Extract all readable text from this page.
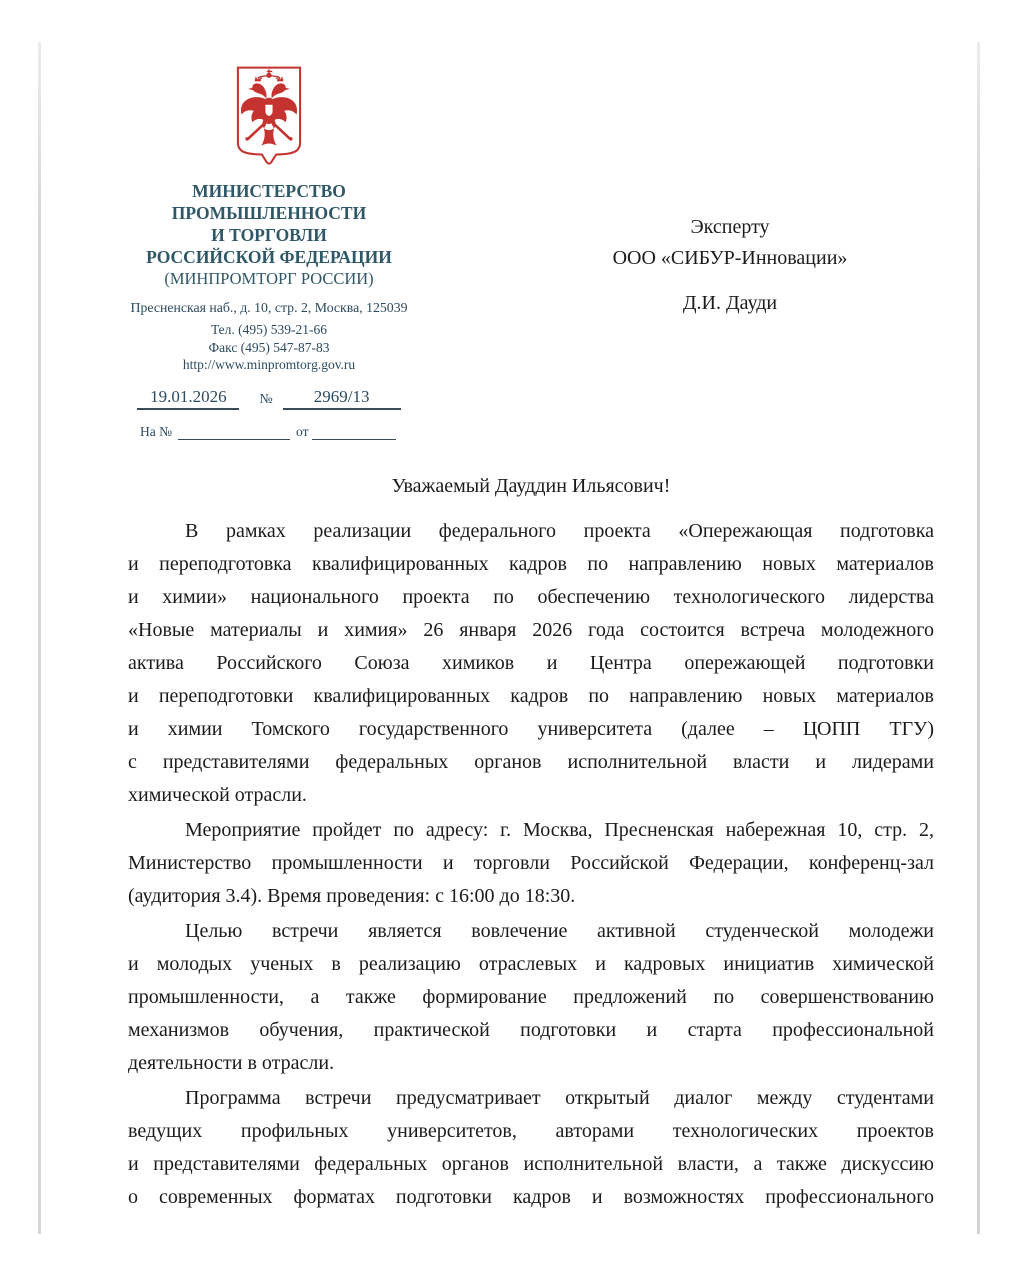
МИНИСТЕРСТВО
ПРОМЫШЛЕННОСТИ
И ТОРГОВЛИ
РОССИЙСКОЙ ФЕДЕРАЦИИ
(МИНПРОМТОРГ РОССИИ)
Пресненская наб., д. 10, стр. 2, Москва, 125039
Тел. (495) 539-21-66
Факс (495) 547-87-83
http://www.minpromtorg.gov.ru
19.01.2026	№	2969/13
На №	от
Эксперту
ООО «СИБУР-Инновации»
Д.И. Дауди
Уважаемый Дауддин Ильясович!

В рамках реализации федерального проекта «Опережающая подготовка
и переподготовка квалифицированных кадров по направлению новых материалов
и химии» национального проекта по обеспечению технологического лидерства
«Новые материалы и химия» 26 января 2026 года состоится встреча молодежного
актива Российского Союза химиков и Центра опережающей подготовки
и переподготовки квалифицированных кадров по направлению новых материалов
и химии Томского государственного университета (далее – ЦОПП ТГУ)
с представителями федеральных органов исполнительной власти и лидерами
химической отрасли.

Мероприятие пройдет по адресу: г. Москва, Пресненская набережная 10, стр. 2,
Министерство промышленности и торговли Российской Федерации, конференц-зал
(аудитория 3.4). Время проведения: с 16:00 до 18:30.

Целью встречи является вовлечение активной студенческой молодежи
и молодых ученых в реализацию отраслевых и кадровых инициатив химической
промышленности, а также формирование предложений по совершенствованию
механизмов обучения, практической подготовки и старта профессиональной
деятельности в отрасли.

Программа встречи предусматривает открытый диалог между студентами
ведущих профильных университетов, авторами технологических проектов
и представителями федеральных органов исполнительной власти, а также дискуссию
о современных форматах подготовки кадров и возможностях профессионального
